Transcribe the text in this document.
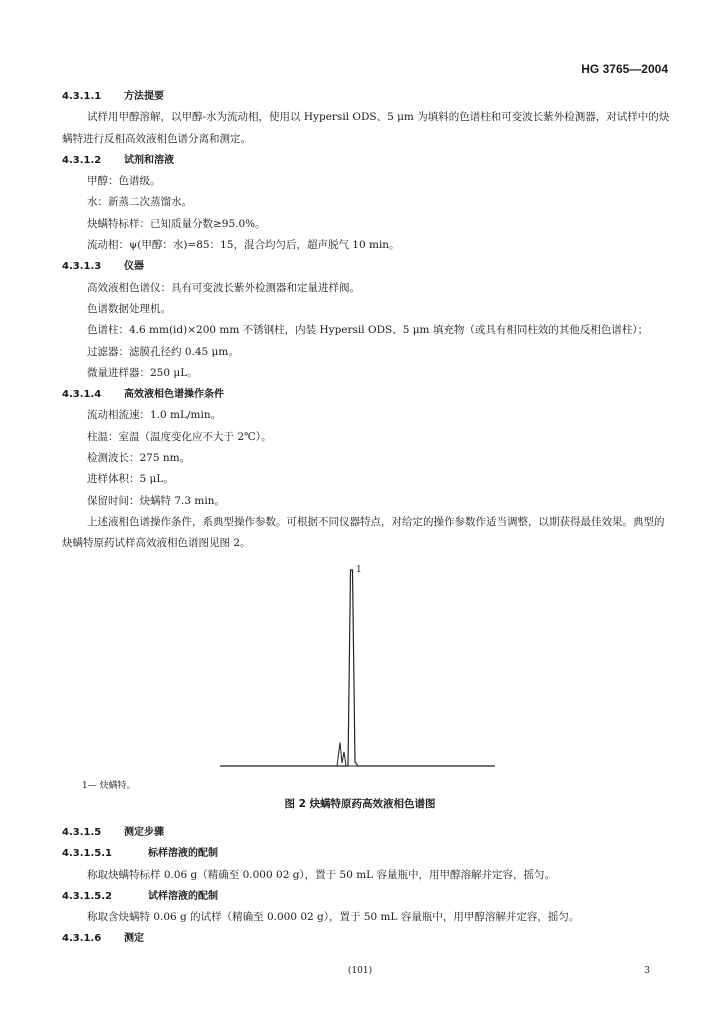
HG 3765—2004
4.3.1.1 方法提要
试样用甲醇溶解，以甲醇-水为流动相，使用以 Hypersil ODS、5 μm 为填料的色谱柱和可变波长紫外检测器，对试样中的炔螨特进行反相高效液相色谱分离和测定。
4.3.1.2 试剂和溶液
甲醇：色谱级。
水：新蒸二次蒸馏水。
炔螨特标样：已知质量分数≥95.0%。
流动相：ψ(甲醇：水)=85：15，混合均匀后，超声脱气 10 min。
4.3.1.3 仪器
高效液相色谱仪：具有可变波长紫外检测器和定量进样阀。
色谱数据处理机。
色谱柱：4.6 mm(id)×200 mm 不锈钢柱，内装 Hypersil ODS、5 μm 填充物（或具有相同柱效的其他反相色谱柱）；
过滤器：滤膜孔径约 0.45 μm。
微量进样器：250 μL。
4.3.1.4 高效液相色谱操作条件
流动相流速：1.0 mL/min。
柱温：室温（温度变化应不大于 2℃）。
检测波长：275 nm。
进样体积：5 μL。
保留时间：炔螨特 7.3 min。
上述液相色谱操作条件，系典型操作参数。可根据不同仪器特点，对给定的操作参数作适当调整，以期获得最佳效果。典型的炔螨特原药试样高效液相色谱图见图 2。
1
1— 炔螨特。
图 2 炔螨特原药高效液相色谱图
4.3.1.5 测定步骤
4.3.1.5.1	标样溶液的配制
称取炔螨特标样 0.06 g（精确至 0.000 02 g），置于 50 mL 容量瓶中，用甲醇溶解并定容，摇匀。
4.3.1.5.2	试样溶液的配制
称取含炔螨特 0.06 g 的试样（精确至 0.000 02 g），置于 50 mL 容量瓶中，用甲醇溶解并定容，摇匀。
4.3.1.6 测定
(101)	3
